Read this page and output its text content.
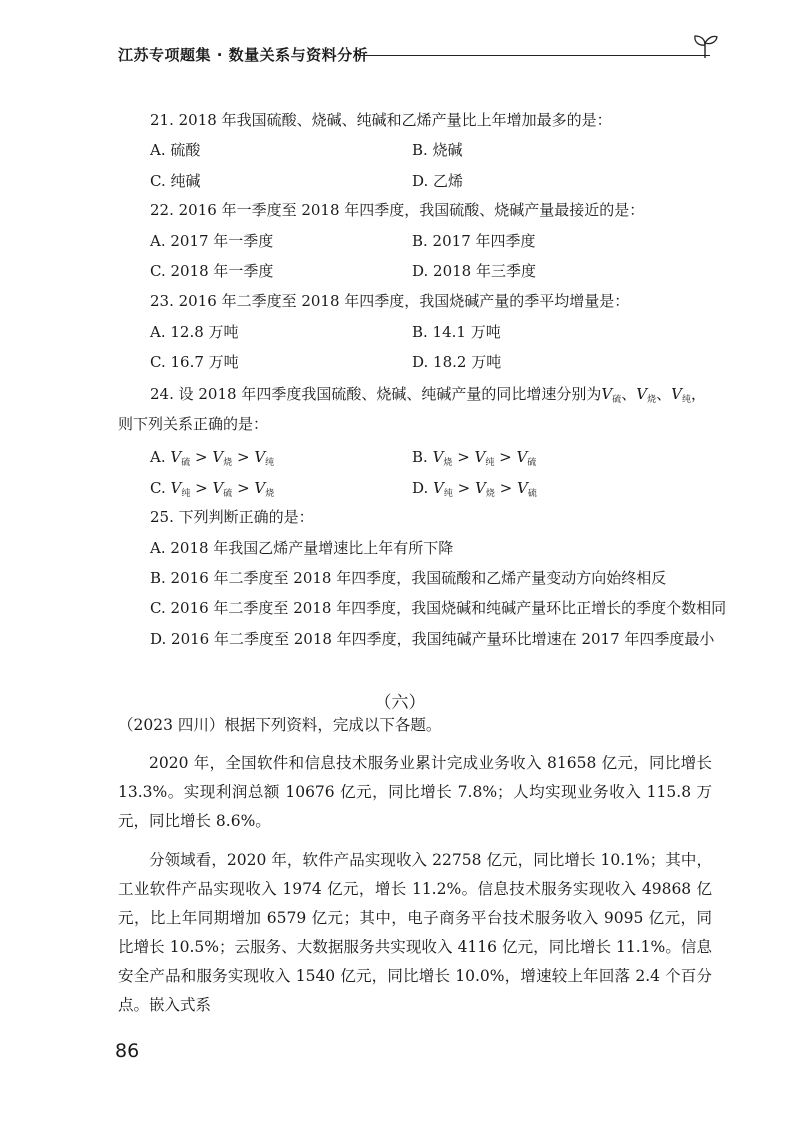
江苏专项题集 · 数量关系与资料分析
21. 2018 年我国硫酸、烧碱、纯碱和乙烯产量比上年增加最多的是：
A. 硫酸	B. 烧碱
C. 纯碱	D. 乙烯
22. 2016 年一季度至 2018 年四季度，我国硫酸、烧碱产量最接近的是：
A. 2017 年一季度	B. 2017 年四季度
C. 2018 年一季度	D. 2018 年三季度
23. 2016 年二季度至 2018 年四季度，我国烧碱产量的季平均增量是：
A. 12.8 万吨	B. 14.1 万吨
C. 16.7 万吨	D. 18.2 万吨
24. 设 2018 年四季度我国硫酸、烧碱、纯碱产量的同比增速分别为$V_硫$、$V_烧$、$V_纯$，
则下列关系正确的是：
A. $V_硫 > V_烧 > V_纯$	B. $V_烧 > V_纯 > V_硫$
C. $V_纯 > V_硫 > V_烧$	D. $V_纯 > V_烧 > V_硫$
25. 下列判断正确的是：
A. 2018 年我国乙烯产量增速比上年有所下降
B. 2016 年二季度至 2018 年四季度，我国硫酸和乙烯产量变动方向始终相反
C. 2016 年二季度至 2018 年四季度，我国烧碱和纯碱产量环比正增长的季度个数相同
D. 2016 年二季度至 2018 年四季度，我国纯碱产量环比增速在 2017 年四季度最小
（六）
（2023 四川）根据下列资料，完成以下各题。
2020 年，全国软件和信息技术服务业累计完成业务收入 81658 亿元，同比增长 13.3%。实现利润总额 10676 亿元，同比增长 7.8%；人均实现业务收入 115.8 万元，同比增长 8.6%。
分领域看，2020 年，软件产品实现收入 22758 亿元，同比增长 10.1%；其中，工业软件产品实现收入 1974 亿元，增长 11.2%。信息技术服务实现收入 49868 亿元，比上年同期增加 6579 亿元；其中，电子商务平台技术服务收入 9095 亿元，同比增长 10.5%；云服务、大数据服务共实现收入 4116 亿元，同比增长 11.1%。信息安全产品和服务实现收入 1540 亿元，同比增长 10.0%，增速较上年回落 2.4 个百分点。嵌入式系
86
